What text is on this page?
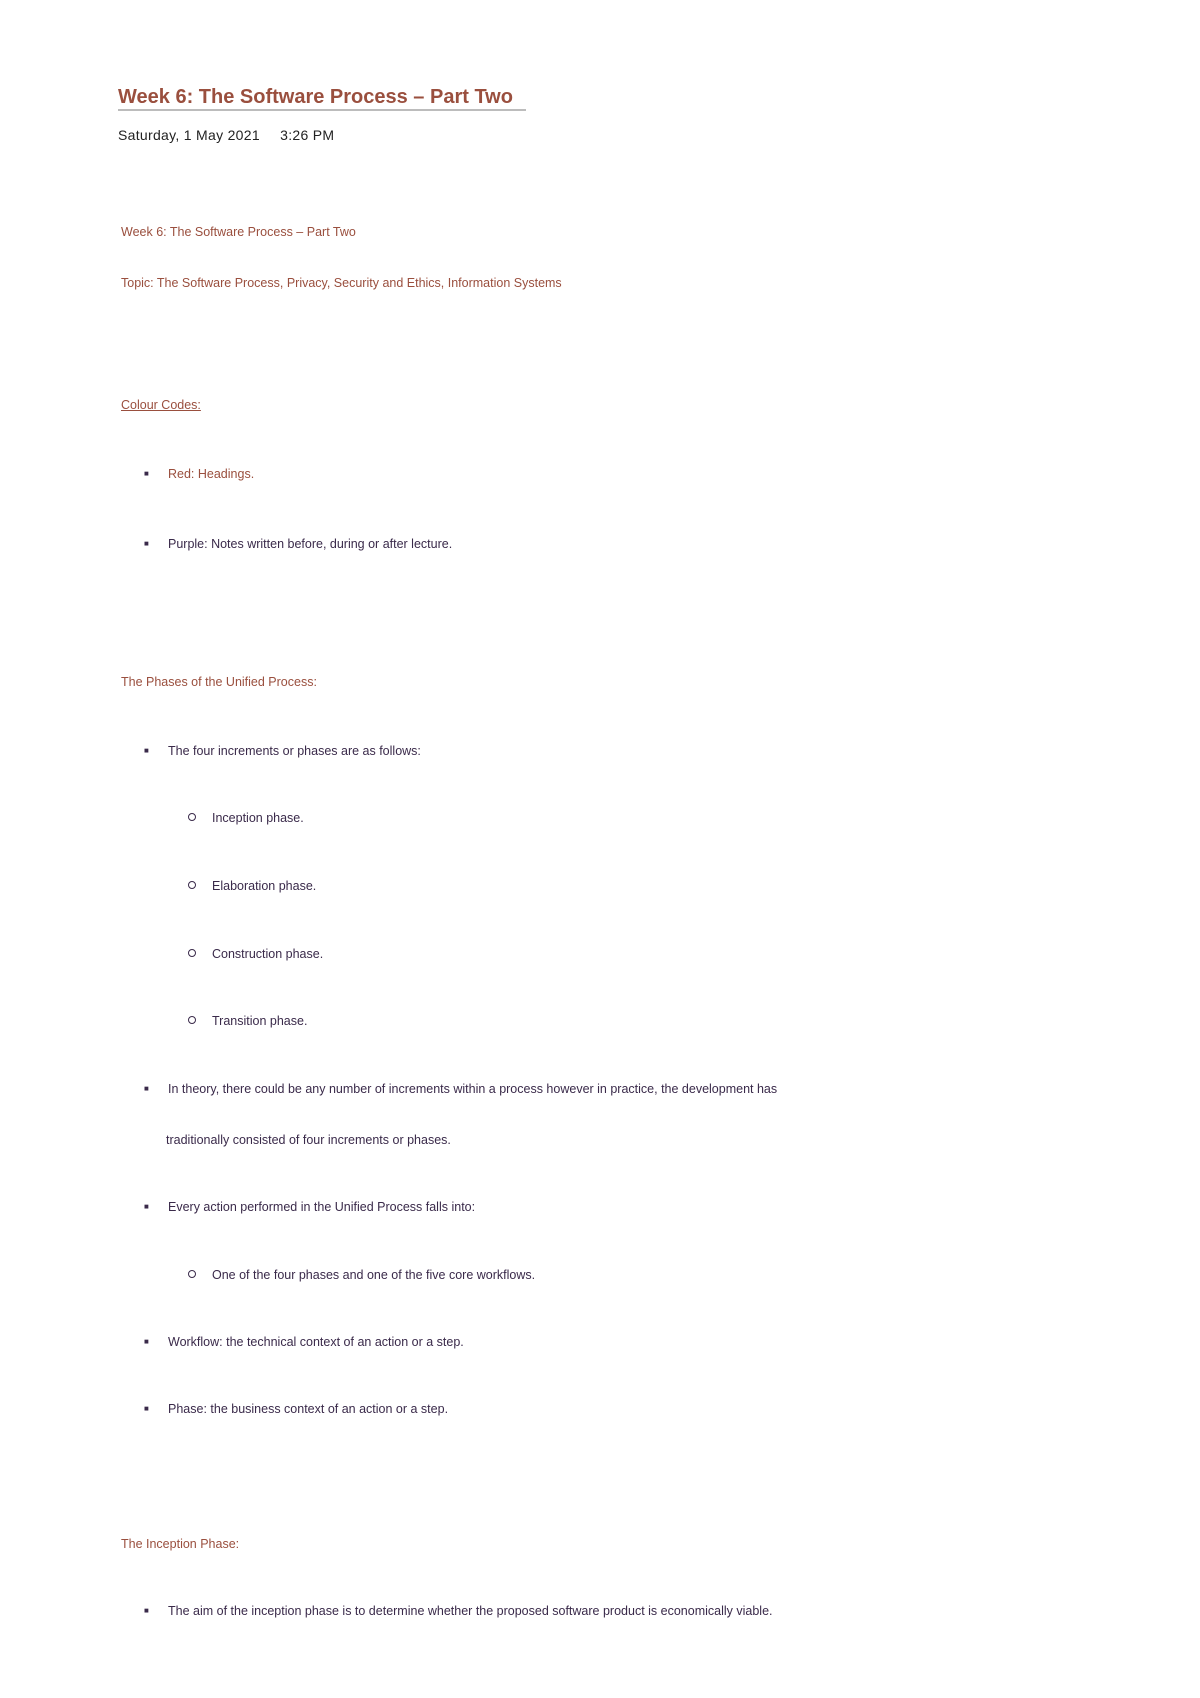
Week 6: The Software Process – Part Two
Saturday, 1 May 2021 3:26 PM
Week 6: The Software Process – Part Two
Topic: The Software Process, Privacy, Security and Ethics, Information Systems
Colour Codes:
■ Red: Headings.
■ Purple: Notes written before, during or after lecture.
The Phases of the Unified Process:
■ The four increments or phases are as follows:
Inception phase.
Elaboration phase.
Construction phase.
Transition phase.
■ In theory, there could be any number of increments within a process however in practice, the development has
traditionally consisted of four increments or phases.
■ Every action performed in the Unified Process falls into:
One of the four phases and one of the five core workflows.
■ Workflow: the technical context of an action or a step.
■ Phase: the business context of an action or a step.
The Inception Phase:
■ The aim of the inception phase is to determine whether the proposed software product is economically viable.
